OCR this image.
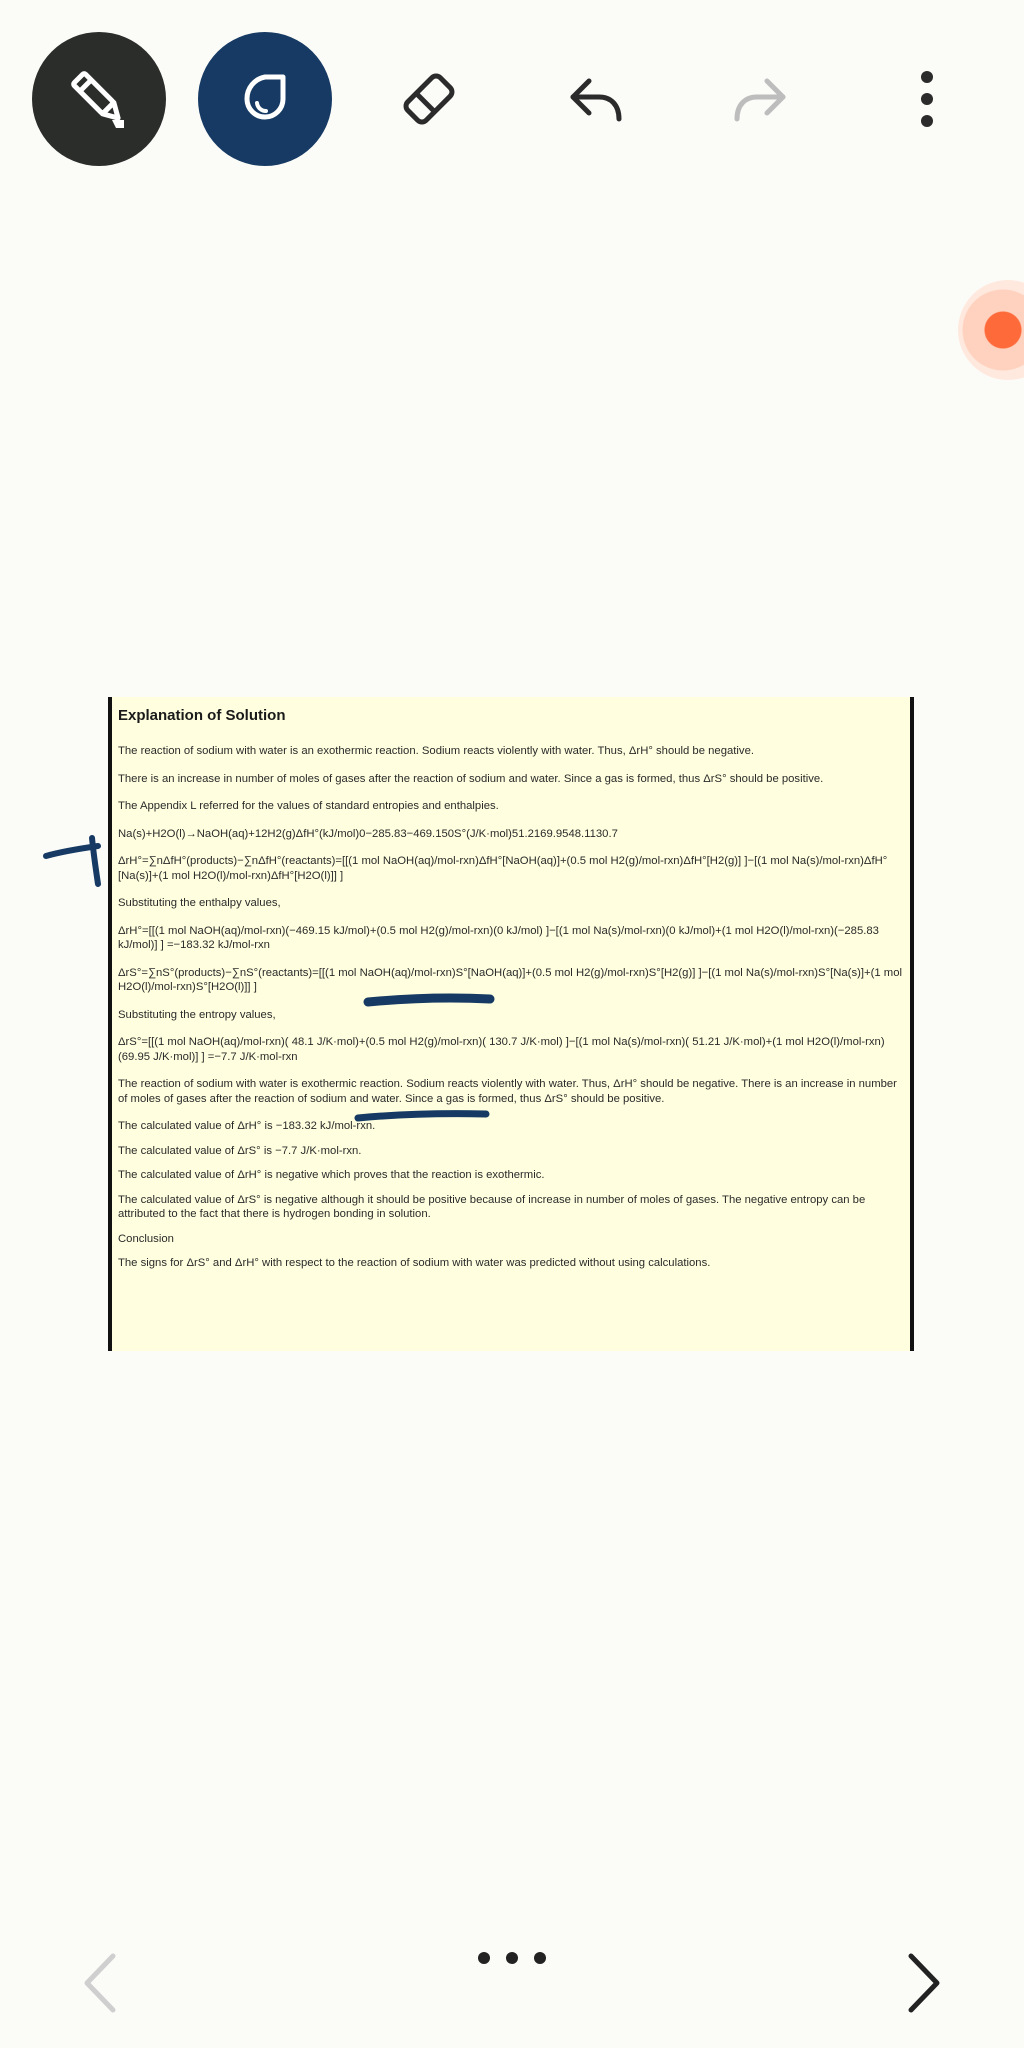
Explanation of Solution

The reaction of sodium with water is an exothermic reaction. Sodium reacts violently with water. Thus, ΔrH° should be negative.

There is an increase in number of moles of gases after the reaction of sodium and water. Since a gas is formed, thus ΔrS° should be positive.

The Appendix L referred for the values of standard entropies and enthalpies.

Na(s)+H2O(l)→NaOH(aq)+12H2(g)ΔfH°(kJ/mol)0−285.83−469.150S°(J/K·mol)51.2169.9548.1130.7

ΔrH°=∑nΔfH°(products)−∑nΔfH°(reactants)=[[(1 mol NaOH(aq)/mol-rxn)ΔfH°[NaOH(aq)]+(0.5 mol H2(g)/mol-rxn)ΔfH°[H2(g)] ]−[(1 mol Na(s)/mol-rxn)ΔfH°[Na(s)]+(1 mol H2O(l)/mol-rxn)ΔfH°[H2O(l)]] ]

Substituting the enthalpy values,

ΔrH°=[[(1 mol NaOH(aq)/mol-rxn)(−469.15 kJ/mol)+(0.5 mol H2(g)/mol-rxn)(0 kJ/mol) ]−[(1 mol Na(s)/mol-rxn)(0 kJ/mol)+(1 mol H2O(l)/mol-rxn)(−285.83 kJ/mol)] ] =−183.32 kJ/mol-rxn

ΔrS°=∑nS°(products)−∑nS°(reactants)=[[(1 mol NaOH(aq)/mol-rxn)S°[NaOH(aq)]+(0.5 mol H2(g)/mol-rxn)S°[H2(g)] ]−[(1 mol Na(s)/mol-rxn)S°[Na(s)]+(1 mol H2O(l)/mol-rxn)S°[H2O(l)]] ]

Substituting the entropy values,

ΔrS°=[[(1 mol NaOH(aq)/mol-rxn)( 48.1 J/K·mol)+(0.5 mol H2(g)/mol-rxn)( 130.7 J/K·mol) ]−[(1 mol Na(s)/mol-rxn)( 51.21 J/K·mol)+(1 mol H2O(l)/mol-rxn)(69.95 J/K·mol)] ] =−7.7 J/K·mol-rxn

The reaction of sodium with water is exothermic reaction. Sodium reacts violently with water. Thus, ΔrH° should be negative. There is an increase in number of moles of gases after the reaction of sodium and water. Since a gas is formed, thus ΔrS° should be positive.

The calculated value of ΔrH° is −183.32 kJ/mol-rxn.

The calculated value of ΔrS° is −7.7 J/K·mol-rxn.

The calculated value of ΔrH° is negative which proves that the reaction is exothermic.

The calculated value of ΔrS° is negative although it should be positive because of increase in number of moles of gases. The negative entropy can be attributed to the fact that there is hydrogen bonding in solution.

Conclusion

The signs for ΔrS° and ΔrH° with respect to the reaction of sodium with water was predicted without using calculations.
